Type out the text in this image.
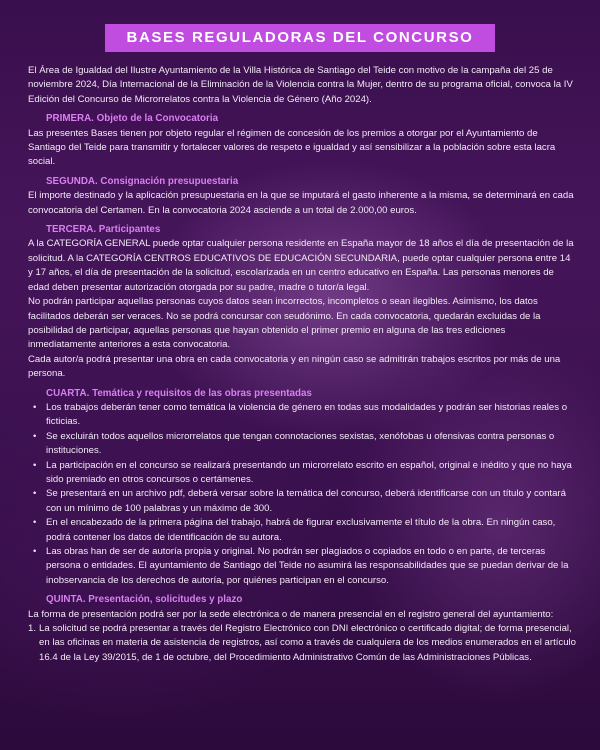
BASES REGULADORAS DEL CONCURSO

El Área de Igualdad del Ilustre Ayuntamiento de la Villa Histórica de Santiago del Teide con motivo de la campaña del 25 de noviembre 2024, Día Internacional de la Eliminación de la Violencia contra la Mujer, dentro de su programa oficial, convoca la IV Edición del Concurso de Microrrelatos contra la Violencia de Género (Año 2024).

PRIMERA. Objeto de la Convocatoria

Las presentes Bases tienen por objeto regular el régimen de concesión de los premios a otorgar por el Ayuntamiento de Santiago del Teide para transmitir y fortalecer valores de respeto e igualdad y así sensibilizar a la población sobre esta lacra social.

SEGUNDA. Consignación presupuestaria

El importe destinado y la aplicación presupuestaria en la que se imputará el gasto inherente a la misma, se determinará en cada convocatoria del Certamen. En la convocatoria 2024 asciende a un total de 2.000,00 euros.

TERCERA. Participantes

A la CATEGORÍA GENERAL puede optar cualquier persona residente en España mayor de 18 años el día de presentación de la solicitud. A la CATEGORÍA CENTROS EDUCATIVOS DE EDUCACIÓN SECUNDARIA, puede optar cualquier persona entre 14 y 17 años, el día de presentación de la solicitud, escolarizada en un centro educativo en España. Las personas menores de edad deben presentar autorización otorgada por su padre, madre o tutor/a legal.

No podrán participar aquellas personas cuyos datos sean incorrectos, incompletos o sean ilegibles. Asimismo, los datos facilitados deberán ser veraces. No se podrá concursar con seudónimo. En cada convocatoria, quedarán excluidas de la posibilidad de participar, aquellas personas que hayan obtenido el primer premio en alguna de las tres ediciones inmediatamente anteriores a esta convocatoria.

Cada autor/a podrá presentar una obra en cada convocatoria y en ningún caso se admitirán trabajos escritos por más de una persona.

CUARTA. Temática y requisitos de las obras presentadas
• Los trabajos deberán tener como temática la violencia de género en todas sus modalidades y podrán ser historias reales o ficticias.
• Se excluirán todos aquellos microrrelatos que tengan connotaciones sexistas, xenófobas u ofensivas contra personas o instituciones.
• La participación en el concurso se realizará presentando un microrrelato escrito en español, original e inédito y que no haya sido premiado en otros concursos o certámenes.
• Se presentará en un archivo pdf, deberá versar sobre la temática del concurso, deberá identificarse con un título y contará con un mínimo de 100 palabras y un máximo de 300.
• En el encabezado de la primera página del trabajo, habrá de figurar exclusivamente el título de la obra. En ningún caso, podrá contener los datos de identificación de su autora.
• Las obras han de ser de autoría propia y original. No podrán ser plagiados o copiados en todo o en parte, de terceras persona o entidades. El ayuntamiento de Santiago del Teide no asumirá las responsabilidades que se puedan derivar de la inobservancia de los derechos de autoría, por quiénes participan en el concurso.
QUINTA. Presentación, solicitudes y plazo

La forma de presentación podrá ser por la sede electrónica o de manera presencial en el registro general del ayuntamiento:

1. La solicitud se podrá presentar a través del Registro Electrónico con DNI electrónico o certificado digital; de forma presencial, en las oficinas en materia de asistencia de registros, así como a través de cualquiera de los medios enumerados en el artículo 16.4 de la Ley 39/2015, de 1 de octubre, del Procedimiento Administrativo Común de las Administraciones Públicas.
